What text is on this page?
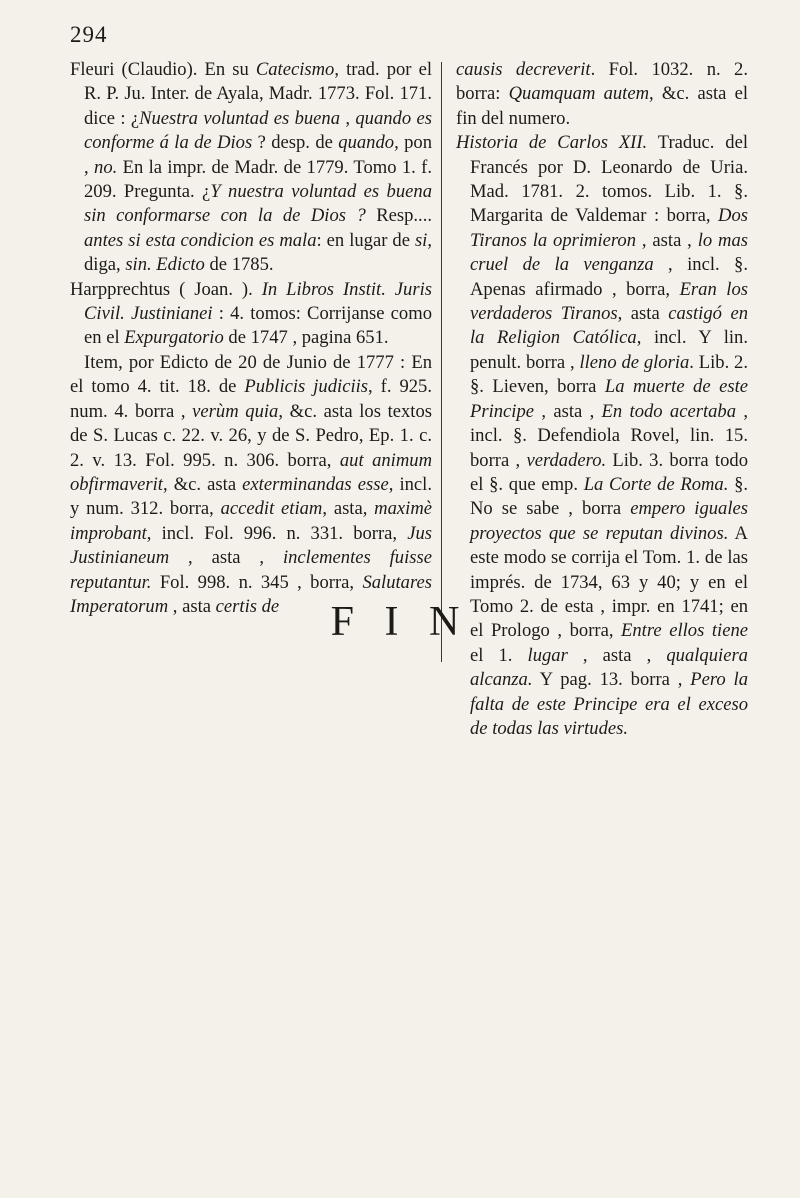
294

Fleuri (Claudio). En su Catecismo, trad. por el R. P. Ju. Inter. de Ayala, Madr. 1773. Fol. 171. dice : ¿Nuestra voluntad es buena , quando es conforme á la de Dios ? desp. de quando, pon , no. En la impr. de Madr. de 1779. Tomo 1. f. 209. Pregunta. ¿Y nuestra voluntad es buena sin conformarse con la de Dios ? Resp.... antes si esta condicion es mala: en lugar de si, diga, sin. Edicto de 1785.

Harpprechtus ( Joan. ). In Libros Instit. Juris Civil. Justinianei : 4. tomos: Corrijanse como en el Expurgatorio de 1747 , pagina 651.

Item, por Edicto de 20 de Junio de 1777 : En el tomo 4. tit. 18. de Publicis judiciis, f. 925. num. 4. borra , verùm quia, &c. asta los textos de S. Lucas c. 22. v. 26, y de S. Pedro, Ep. 1. c. 2. v. 13. Fol. 995. n. 306. borra, aut animum obfirmaverit, &c. asta exterminandas esse, incl. y num. 312. borra, accedit etiam, asta, maximè improbant, incl. Fol. 996. n. 331. borra, Jus Justinianeum , asta , inclementes fuisse reputantur. Fol. 998. n. 345 , borra, Salutares Imperatorum , asta certis de

causis decreverit. Fol. 1032. n. 2. borra: Quamquam autem, &c. asta el fin del numero.

Historia de Carlos XII. Traduc. del Francés por D. Leonardo de Uria. Mad. 1781. 2. tomos. Lib. 1. §. Margarita de Valdemar : borra, Dos Tiranos la oprimieron , asta , lo mas cruel de la venganza , incl. §. Apenas afirmado , borra, Eran los verdaderos Tiranos, asta castigó en la Religion Católica, incl. Y lin. penult. borra , lleno de gloria. Lib. 2. §. Lieven, borra La muerte de este Principe , asta , En todo acertaba , incl. §. Defendiola Rovel, lin. 15. borra , verdadero. Lib. 3. borra todo el §. que emp. La Corte de Roma. §. No se sabe , borra empero iguales proyectos que se reputan divinos. A este modo se corrija el Tom. 1. de las imprés. de 1734, 63 y 40; y en el Tomo 2. de esta , impr. en 1741; en el Prologo , borra, Entre ellos tiene el 1. lugar , asta , qualquiera alcanza. Y pag. 13. borra , Pero la falta de este Principe era el exceso de todas las virtudes.

F I N
